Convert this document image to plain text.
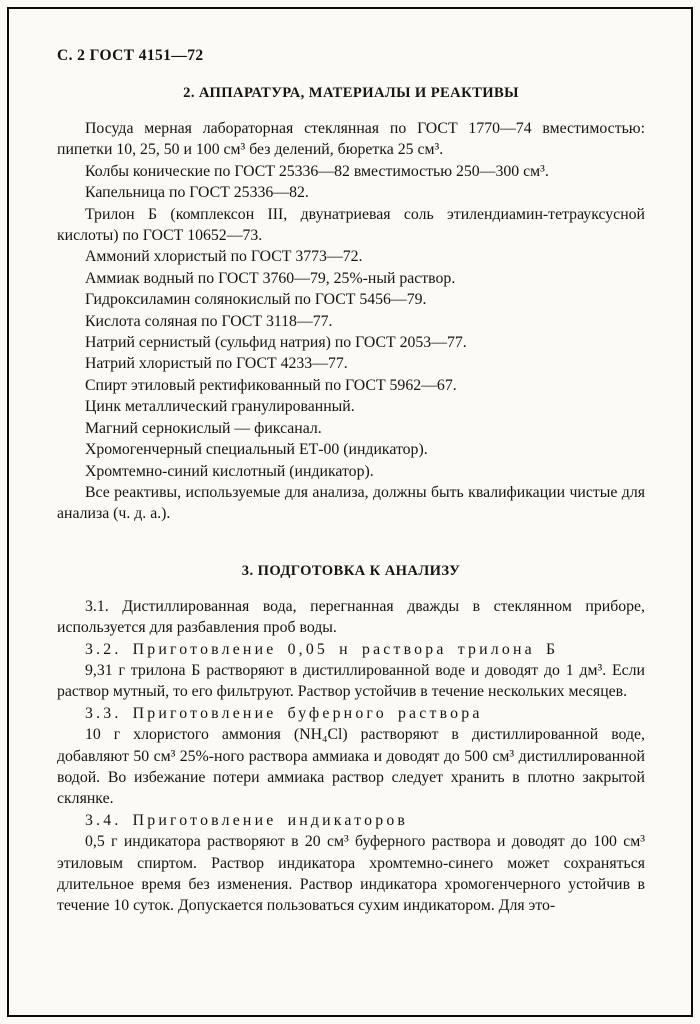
С. 2 ГОСТ 4151—72
2. АППАРАТУРА, МАТЕРИАЛЫ И РЕАКТИВЫ

Посуда мерная лабораторная стеклянная по ГОСТ 1770—74 вместимостью: пипетки 10, 25, 50 и 100 см³ без делений, бюретка 25 см³.

Колбы конические по ГОСТ 25336—82 вместимостью 250—300 см³.

Капельница по ГОСТ 25336—82.

Трилон Б (комплексон III, двунатриевая соль этилендиамин-тетрауксусной кислоты) по ГОСТ 10652—73.

Аммоний хлористый по ГОСТ 3773—72.

Аммиак водный по ГОСТ 3760—79, 25%-ный раствор.

Гидроксиламин солянокислый по ГОСТ 5456—79.

Кислота соляная по ГОСТ 3118—77.

Натрий сернистый (сульфид натрия) по ГОСТ 2053—77.

Натрий хлористый по ГОСТ 4233—77.

Спирт этиловый ректификованный по ГОСТ 5962—67.

Цинк металлический гранулированный.

Магний сернокислый — фиксанал.

Хромогенчерный специальный ЕТ-00 (индикатор).

Хромтемно-синий кислотный (индикатор).

Все реактивы, используемые для анализа, должны быть квалификации чистые для анализа (ч. д. а.).

3. ПОДГОТОВКА К АНАЛИЗУ

3.1. Дистиллированная вода, перегнанная дважды в стеклянном приборе, используется для разбавления проб воды.

3.2. Приготовление 0,05 н раствора трилона Б

9,31 г трилона Б растворяют в дистиллированной воде и доводят до 1 дм³. Если раствор мутный, то его фильтруют. Раствор устойчив в течение нескольких месяцев.

3.3. Приготовление буферного раствора

10 г хлористого аммония (NH₄Cl) растворяют в дистиллированной воде, добавляют 50 см³ 25%-ного раствора аммиака и доводят до 500 см³ дистиллированной водой. Во избежание потери аммиака раствор следует хранить в плотно закрытой склянке.

3.4. Приготовление индикаторов

0,5 г индикатора растворяют в 20 см³ буферного раствора и доводят до 100 см³ этиловым спиртом. Раствор индикатора хромтемно-синего может сохраняться длительное время без изменения. Раствор индикатора хромогенчерного устойчив в течение 10 суток. Допускается пользоваться сухим индикатором. Для это-
